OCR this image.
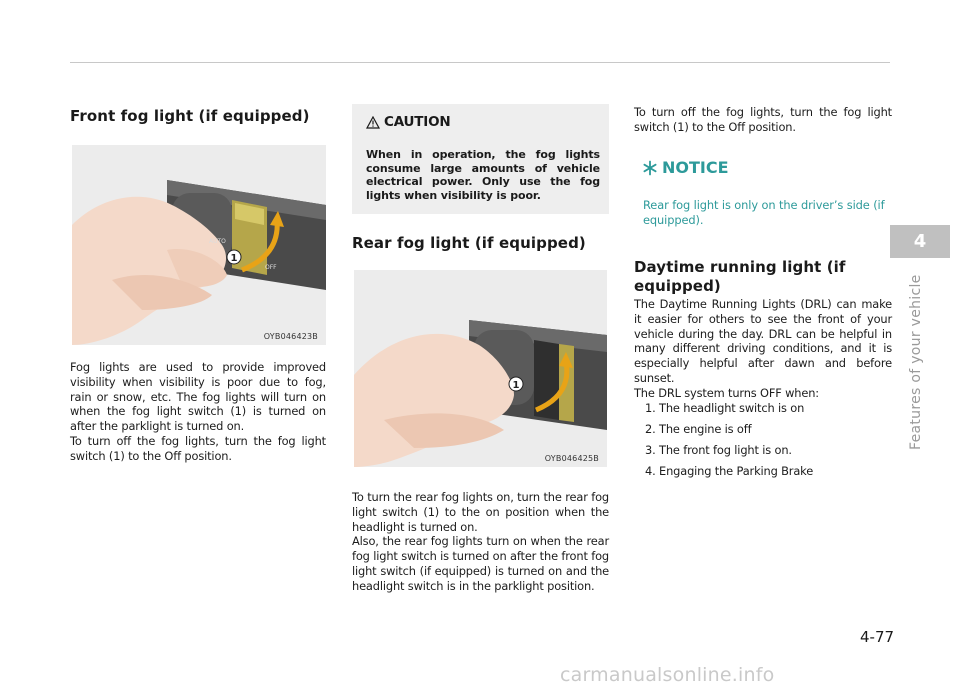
Front fog light (if equipped)
1
OFF
AUTO
OYB046423B

Fog lights are used to provide improved visibility when visibility is poor due to fog, rain or snow, etc. The fog lights will turn on when the fog light switch (1) is turned on after the parklight is turned on.

To turn off the fog lights, turn the fog light switch (1) to the Off position.

CAUTION
When in operation, the fog lights consume large amounts of vehicle electrical power. Only use the fog lights when visibility is poor.
Rear fog light (if equipped)
1
OYB046425B

To turn the rear fog lights on, turn the rear fog light switch (1) to the on position when the headlight is turned on.

Also, the rear fog lights turn on when the rear fog light switch is turned on after the front fog light switch (if equipped) is turned on and the headlight switch is in the parklight position.

To turn off the fog lights, turn the fog light switch (1) to the Off position.

NOTICE
Rear fog light is only on the driver’s side (if equipped).
Daytime running light (if
equipped)

The Daytime Running Lights (DRL) can make it easier for others to see the front of your vehicle during the day. DRL can be helpful in many different driving conditions, and it is especially helpful after dawn and before sunset.

The DRL system turns OFF when:

1. The headlight switch is on
2. The engine is off
3. The front fog light is on.
4. Engaging the Parking Brake
4
Features of your vehicle
4-77
carmanualsonline.info
